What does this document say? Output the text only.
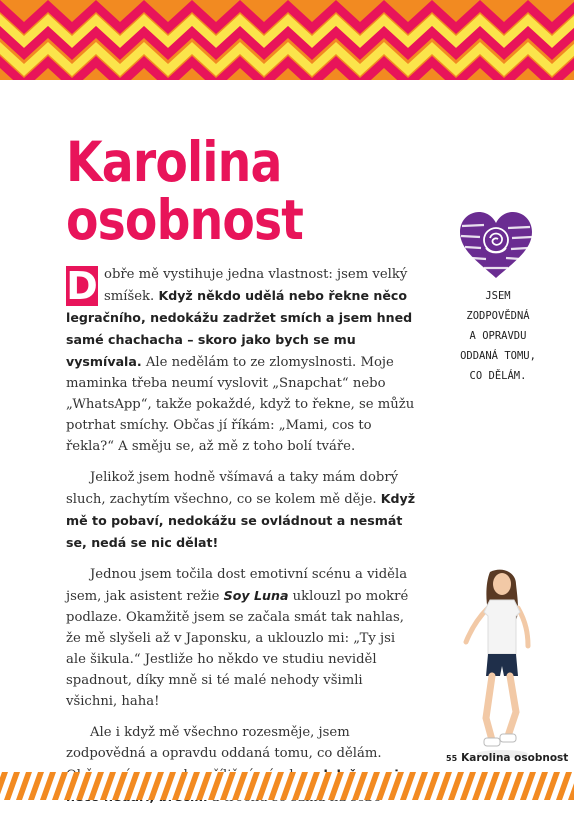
Karolina
osobnost

D obře mě vystihuje jedna vlastnost: jsem velký smíšek. Když někdo udělá nebo řekne něco legračního, nedokážu zadržet smích a jsem hned samé chachacha – skoro jako bych se mu vysmívala. Ale nedělám to ze zlomyslnosti. Moje maminka třeba neumí vyslovit „Snapchat“ nebo „WhatsApp“, takže pokaždé, když to řekne, se můžu potrhat smíchy. Občas jí říkám: „Mami, cos to řekla?“ A směju se, až mě z toho bolí tváře.

Jelikož jsem hodně všímavá a taky mám dobrý sluch, zachytím všechno, co se kolem mě děje. Když mě to pobaví, nedokážu se ovládnout a nesmát se, nedá se nic dělat!

Jednou jsem točila dost emotivní scénu a viděla jsem, jak asistent režie Soy Luna uklouzl po mokré podlaze. Okamžitě jsem se začala smát tak nahlas, že mě slyšeli až v Japonsku, a uklouzlo mi: „Ty jsi ale šikula.“ Jestliže ho někdo ve studiu neviděl spadnout, díky mně si té malé nehody všimli všichni, haha!

Ale i když mě všechno rozesměje, jsem zodpovědná a opravdu oddaná tomu, co dělám.

JSEM
ZODPOVĚDNÁ
A OPRAVDU
ODDANÁ TOMU,
CO DĚLÁM.
55 Karolina osobnost
